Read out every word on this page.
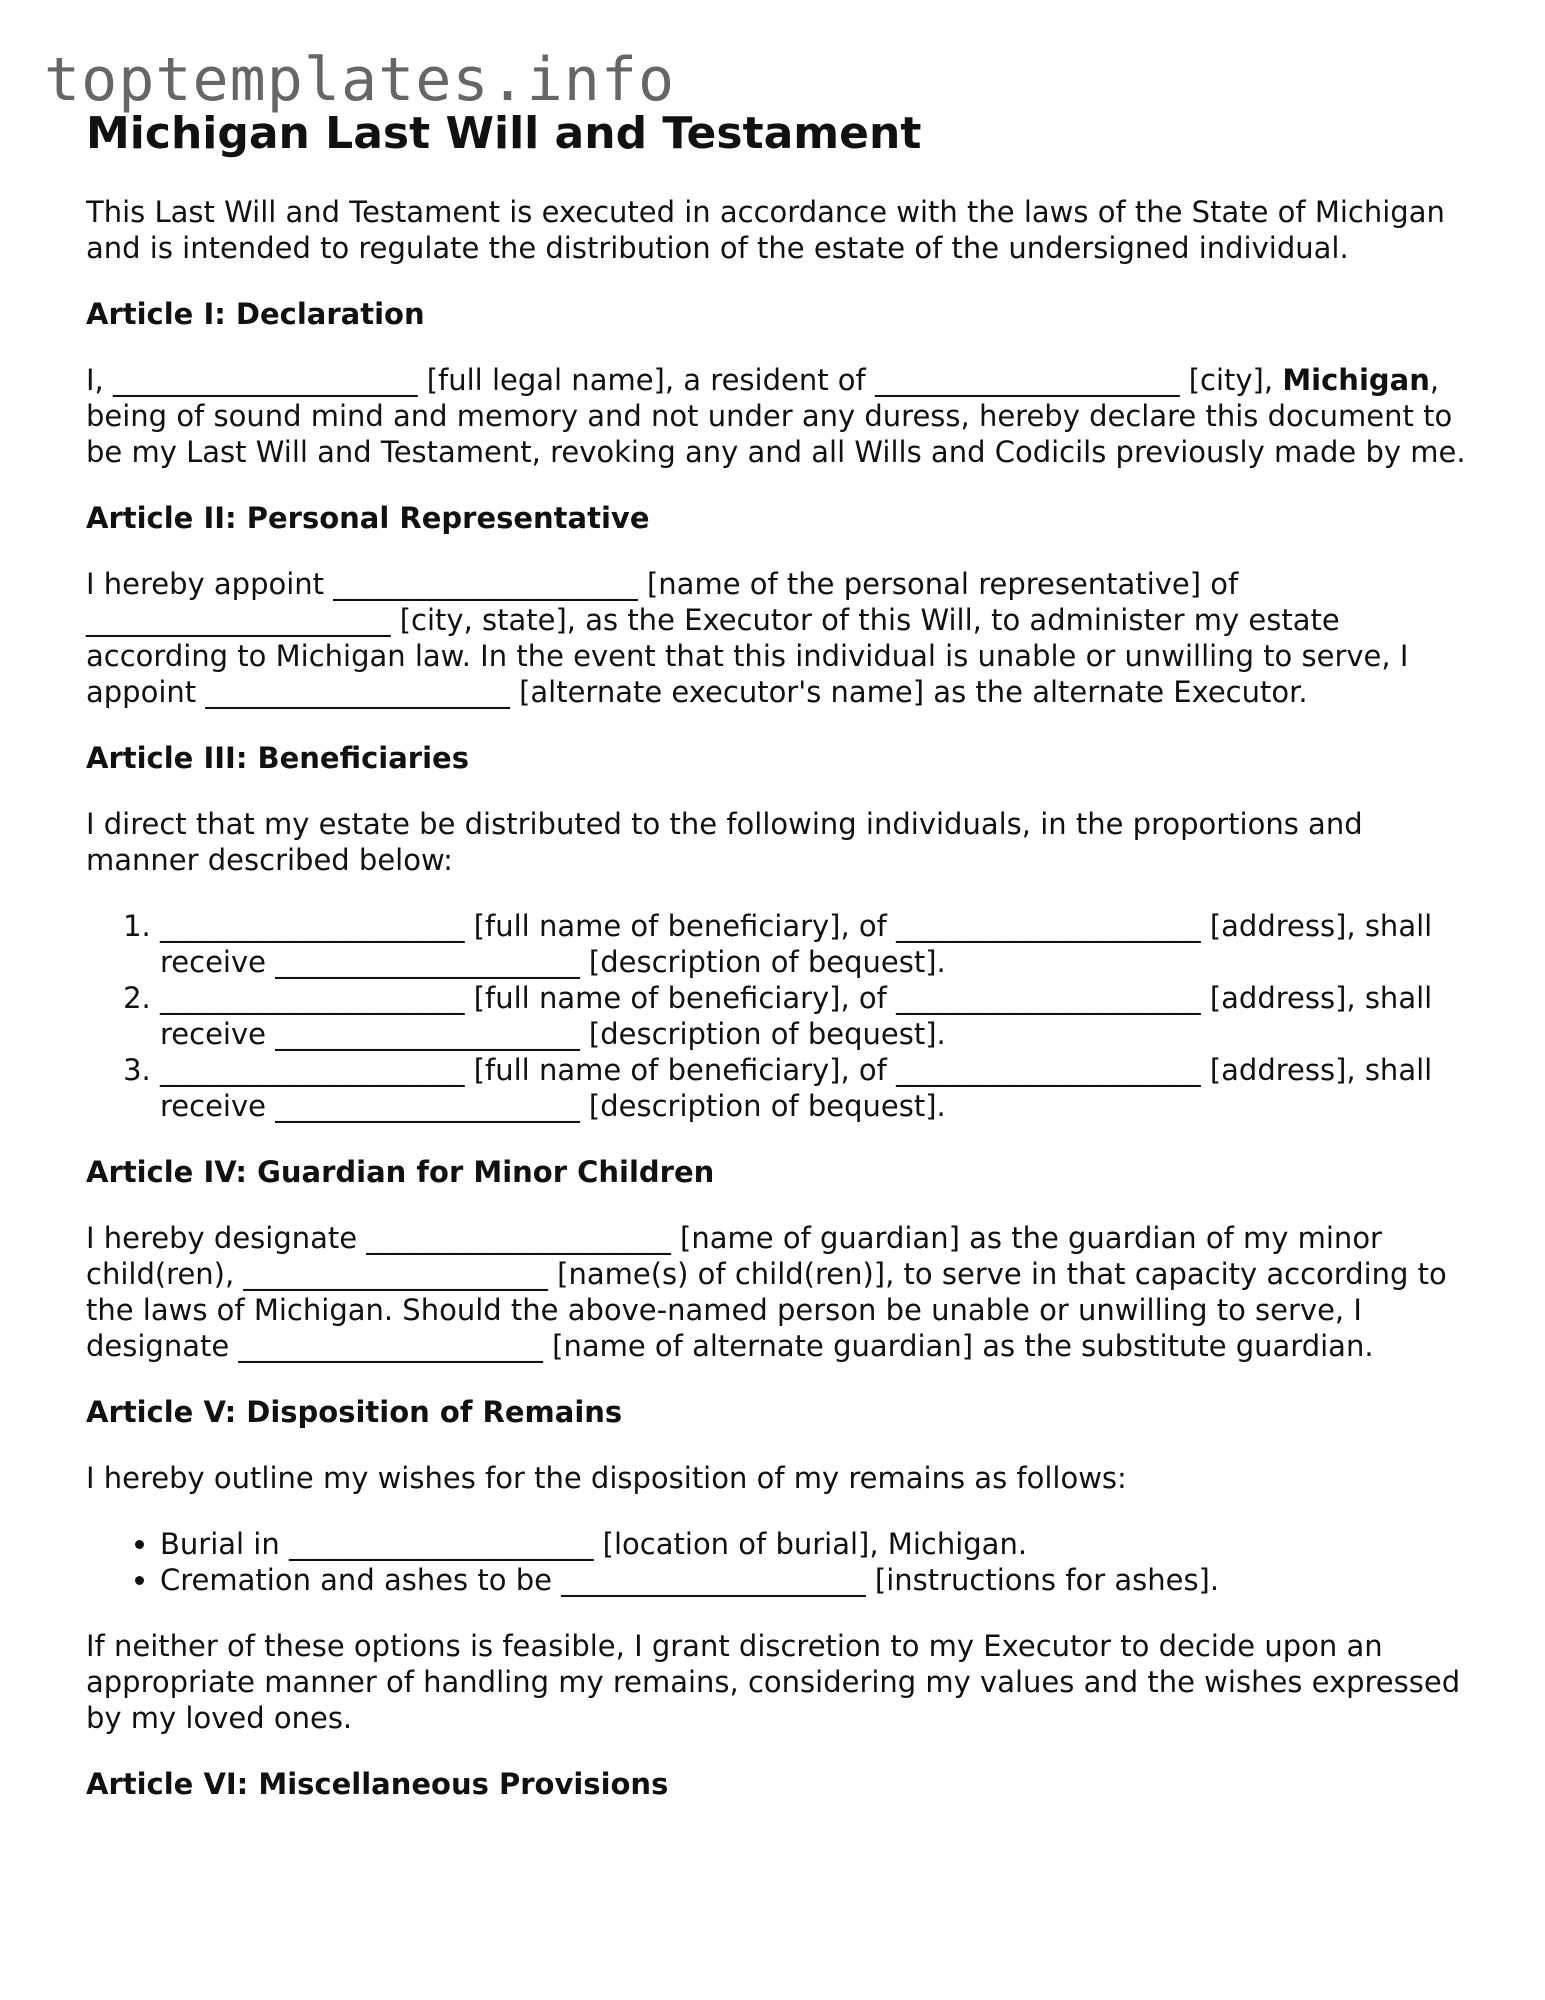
toptemplates.info
Michigan Last Will and Testament

This Last Will and Testament is executed in accordance with the laws of the State of Michigan and is intended to regulate the distribution of the estate of the undersigned individual.

Article I: Declaration

I, _____________________ [full legal name], a resident of _____________________ [city], Michigan, being of sound mind and memory and not under any duress, hereby declare this document to be my Last Will and Testament, revoking any and all Wills and Codicils previously made by me.

Article II: Personal Representative

I hereby appoint _____________________ [name of the personal representative] of _____________________ [city, state], as the Executor of this Will, to administer my estate according to Michigan law. In the event that this individual is unable or unwilling to serve, I appoint _____________________ [alternate executor's name] as the alternate Executor.

Article III: Beneficiaries

I direct that my estate be distributed to the following individuals, in the proportions and manner described below:

1. _____________________ [full name of beneficiary], of _____________________ [address], shall receive _____________________ [description of bequest].
2. _____________________ [full name of beneficiary], of _____________________ [address], shall receive _____________________ [description of bequest].
3. _____________________ [full name of beneficiary], of _____________________ [address], shall receive _____________________ [description of bequest].
Article IV: Guardian for Minor Children

I hereby designate _____________________ [name of guardian] as the guardian of my minor child(ren), _____________________ [name(s) of child(ren)], to serve in that capacity according to the laws of Michigan. Should the above-named person be unable or unwilling to serve, I designate _____________________ [name of alternate guardian] as the substitute guardian.

Article V: Disposition of Remains

I hereby outline my wishes for the disposition of my remains as follows:

• Burial in _____________________ [location of burial], Michigan.
• Cremation and ashes to be _____________________ [instructions for ashes].

If neither of these options is feasible, I grant discretion to my Executor to decide upon an appropriate manner of handling my remains, considering my values and the wishes expressed by my loved ones.

Article VI: Miscellaneous Provisions
